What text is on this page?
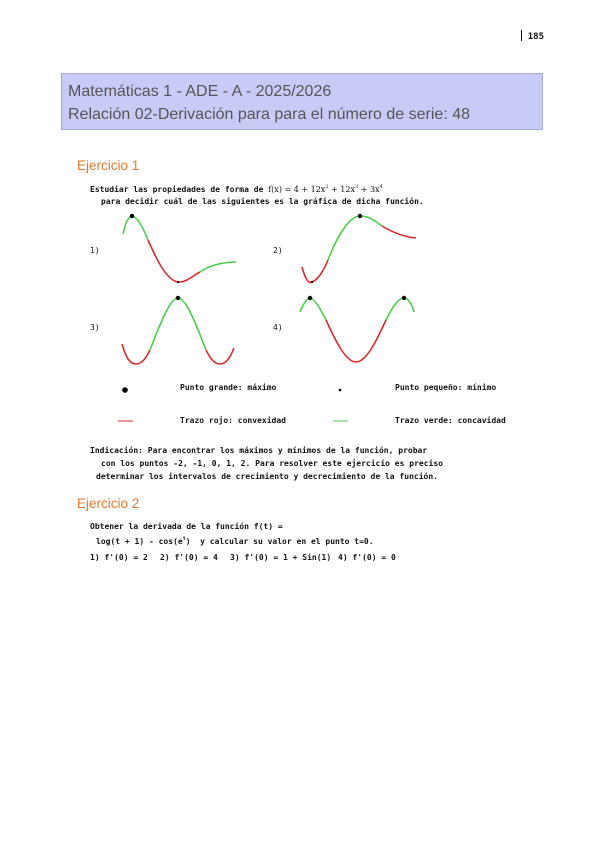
185
Matemáticas 1 - ADE - A - 2025/2026
Relación 02-Derivación para para el número de serie: 48
Ejercicio 1
Estudiar las propiedades de forma de $f(x) = 4 + 12x^2 + 12x^3 + 3x^4$
para decidir cuál de las siguientes es la gráfica de dicha función.
1)	2)
3)	4)
Punto grande: máximo	Punto pequeño: mínimo
Trazo rojo: convexidad	Trazo verde: concavidad
Indicación: Para encontrar los máximos y mínimos de la función, probar
con los puntos -2, -1, 0, 1, 2. Para resolver este ejercicio es preciso
determinar los intervalos de crecimiento y decrecimiento de la función.
Ejercicio 2
Obtener la derivada de la función f(t) =
$\log(t + 1) - \cos(e^t)$  y calcular su valor en el punto t=0.
1) f'(0) = 2 2) f'(0) = 4 3) f'(0) = 1 + Sin(1) 4) f'(0) = 0
